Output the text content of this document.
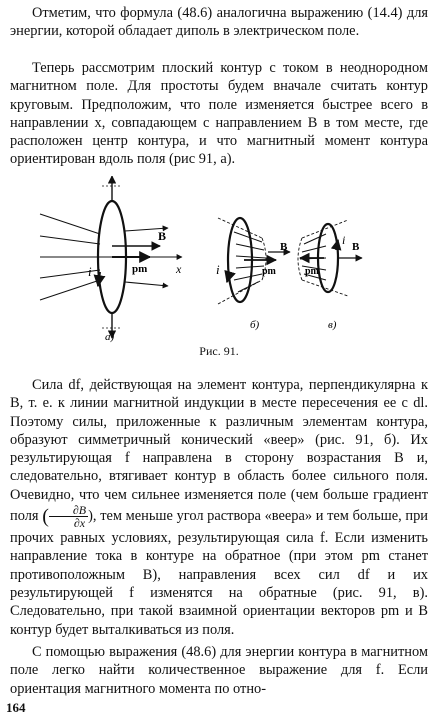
Отметим, что формула (48.6) аналогична выражению (14.4) для энергии, которой обладает диполь в электрическом поле.

Теперь рассмотрим плоский контур с током в неоднородном магнитном поле. Для простоты будем вначале считать контур круговым. Предположим, что поле изменяется быстрее всего в направлении x, совпадающем с направлением B в том месте, где расположен центр контура, и что магнитный момент контура ориентирован вдоль поля (рис 91, а).

B
pm x
i
а)
B
pm
i
б)
B
pm
i
в)
Рис. 91.

Сила df, действующая на элемент контура, перпендикулярна к B, т. е. к линии магнитной индукции в месте пересечения ее с dl. Поэтому силы, приложенные к различным элементам контура, образуют симметричный конический «веер» (рис. 91, б). Их результирующая f направлена в сторону возрастания B и, следовательно, втягивает контур в область более сильного поля. Очевидно, что чем сильнее изменяется поле (чем больше градиент поля ( $\frac{\partial B}{\partial x}$ ), тем меньше угол раствора «веера» и тем больше, при прочих равных условиях, результирующая сила f. Если изменить направление тока в контуре на обратное (при этом pm станет противоположным B), направления всех сил df и их результирующей f изменятся на обратные (рис. 91, в). Следовательно, при такой взаимной ориентации векторов pm и B контур будет выталкиваться из поля.

С помощью выражения (48.6) для энергии контура в магнитном поле легко найти количественное выражение для f. Если ориентация магнитного момента по отно-

164
